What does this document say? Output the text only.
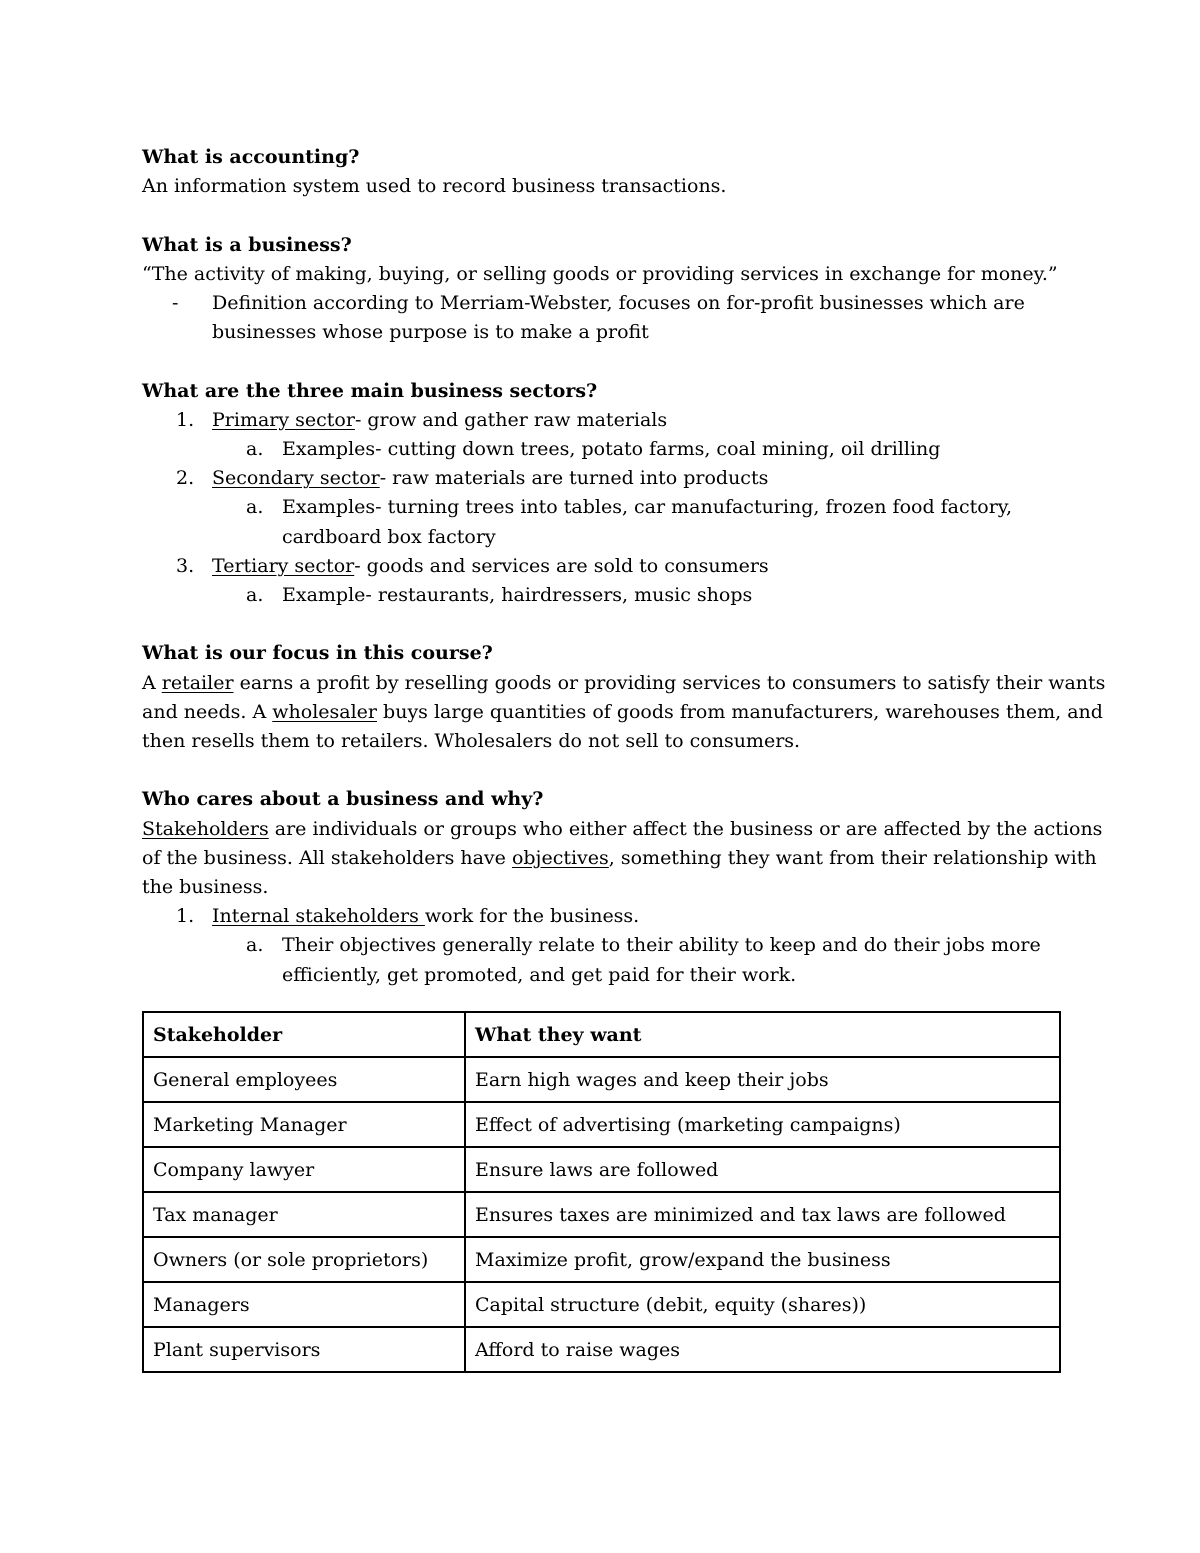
What is accounting?
An information system used to record business transactions.
What is a business?
“The activity of making, buying, or selling goods or providing services in exchange for money.”
-	Definition according to Merriam-Webster, focuses on for-profit businesses which are
businesses whose purpose is to make a profit
What are the three main business sectors?
1. Primary sector- grow and gather raw materials
a. Examples- cutting down trees, potato farms, coal mining, oil drilling
2. Secondary sector- raw materials are turned into products
a. Examples- turning trees into tables, car manufacturing, frozen food factory,
cardboard box factory
3. Tertiary sector- goods and services are sold to consumers
a. Example- restaurants, hairdressers, music shops
What is our focus in this course?
A retailer earns a profit by reselling goods or providing services to consumers to satisfy their wants
and needs. A wholesaler buys large quantities of goods from manufacturers, warehouses them, and
then resells them to retailers. Wholesalers do not sell to consumers.
Who cares about a business and why?
Stakeholders are individuals or groups who either affect the business or are affected by the actions
of the business. All stakeholders have objectives, something they want from their relationship with
the business.
1. Internal stakeholders work for the business.
a. Their objectives generally relate to their ability to keep and do their jobs more
efficiently, get promoted, and get paid for their work.
Stakeholder	What they want
General employees	Earn high wages and keep their jobs
Marketing Manager	Effect of advertising (marketing campaigns)
Company lawyer	Ensure laws are followed
Tax manager	Ensures taxes are minimized and tax laws are followed
Owners (or sole proprietors)	Maximize profit, grow/expand the business
Managers	Capital structure (debit, equity (shares))
Plant supervisors	Afford to raise wages
